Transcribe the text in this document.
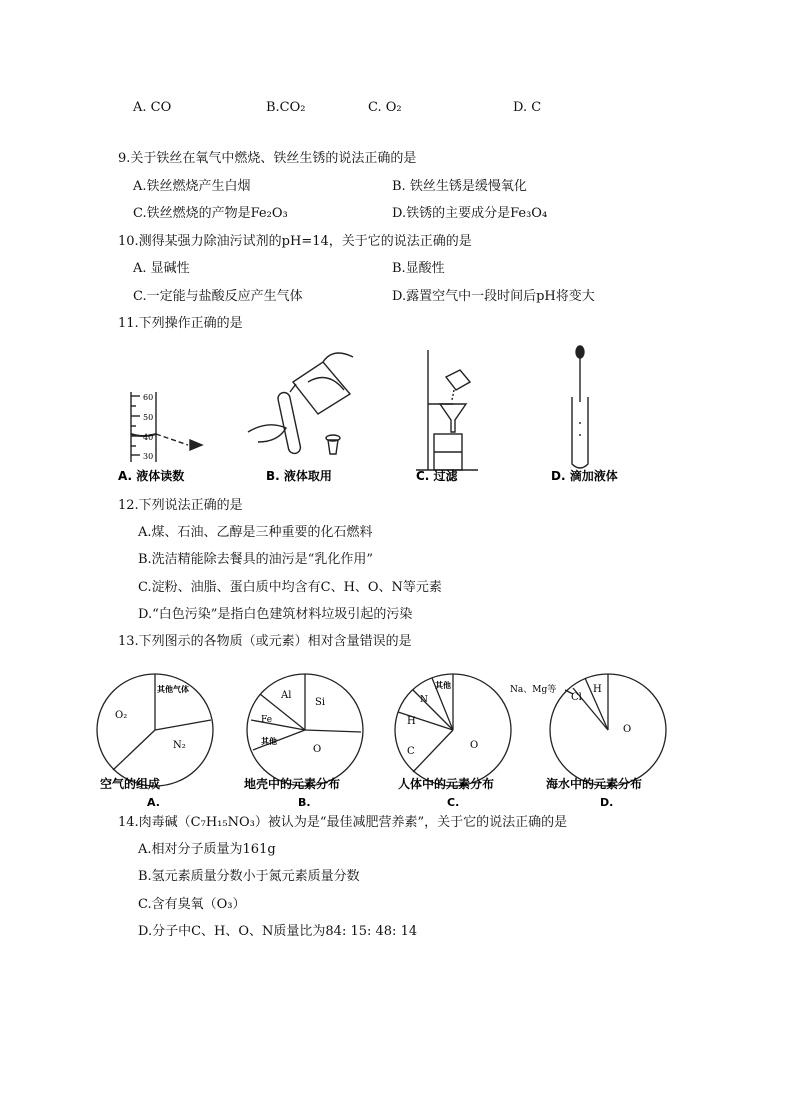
A. CO	B.CO₂	C. O₂	D. C
9.关于铁丝在氧气中燃烧、铁丝生锈的说法正确的是
A.铁丝燃烧产生白烟	B. 铁丝生锈是缓慢氧化
C.铁丝燃烧的产物是Fe₂O₃	D.铁锈的主要成分是Fe₃O₄
10.测得某强力除油污试剂的pH=14，关于它的说法正确的是
A. 显碱性	B.显酸性
C.一定能与盐酸反应产生气体	D.露置空气中一段时间后pH将变大
11.下列操作正确的是
60
50
40
30
A. 液体读数	B. 液体取用	C. 过滤	D. 滴加液体
12.下列说法正确的是
A.煤、石油、乙醇是三种重要的化石燃料
B.洗洁精能除去餐具的油污是“乳化作用”
C.淀粉、油脂、蛋白质中均含有C、H、O、N等元素
D.“白色污染”是指白色建筑材料垃圾引起的污染
13.下列图示的各物质（或元素）相对含量错误的是
其他气体
O₂
N₂
Al
Si
Fe
其他
O
其他
N
H
C
O
Na、Mg等
Cl
H
O
空气的组成	地壳中的元素分布	人体中的元素分布	海水中的元素分布
A.	B.	C.	D.
14.肉毒碱（C₇H₁₅NO₃）被认为是“最佳减肥营养素”，关于它的说法正确的是
A.相对分子质量为161g
B.氢元素质量分数小于氮元素质量分数
C.含有臭氧（O₃）
D.分子中C、H、O、N质量比为84: 15: 48: 14
